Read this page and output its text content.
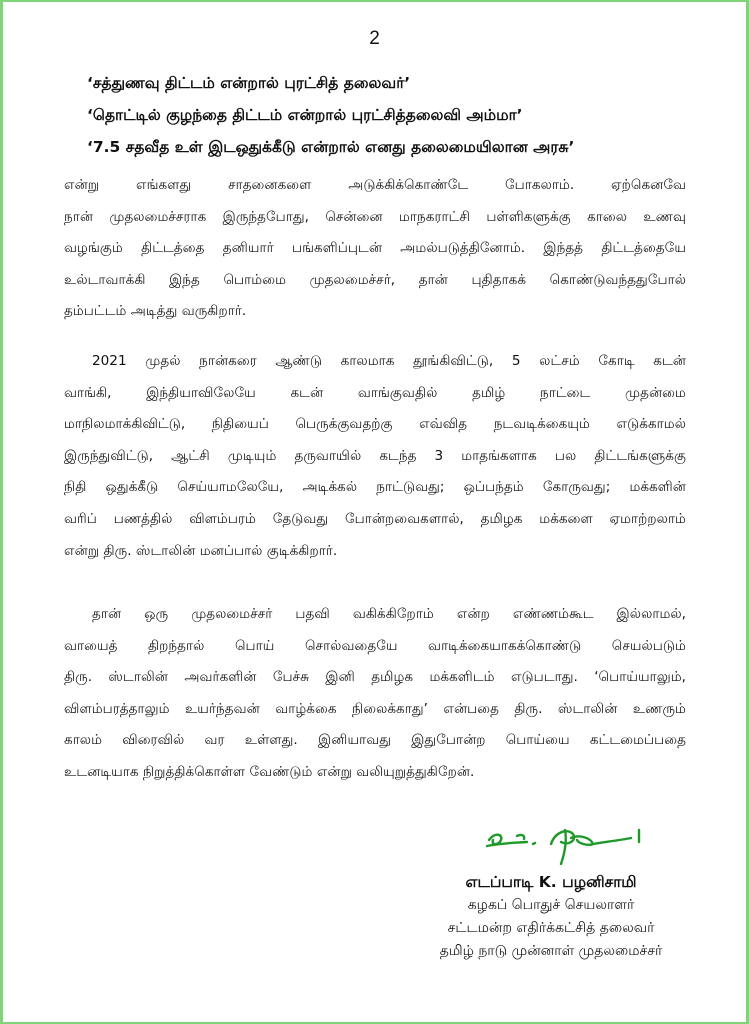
2
‘சத்துணவு திட்டம் என்றால் புரட்சித் தலைவர்’
‘தொட்டில் குழந்தை திட்டம் என்றால் புரட்சித்தலைவி அம்மா’
‘7.5 சதவீத உள் இடஒதுக்கீடு என்றால் எனது தலைமையிலான அரசு’
என்று எங்களது சாதனைகளை அடுக்கிக்கொண்டே போகலாம். ஏற்கெனவே
நான் முதலமைச்சராக இருந்தபோது, சென்னை மாநகராட்சி பள்ளிகளுக்கு காலை உணவு
வழங்கும் திட்டத்தை தனியார் பங்களிப்புடன் அமல்படுத்தினோம். இந்தத் திட்டத்தையே
உல்டாவாக்கி இந்த பொம்மை முதலமைச்சர், தான் புதிதாகக் கொண்டுவந்ததுபோல்
தம்பட்டம் அடித்து வருகிறார்.
2021 முதல் நான்கரை ஆண்டு காலமாக தூங்கிவிட்டு, 5 லட்சம் கோடி கடன்
வாங்கி, இந்தியாவிலேயே கடன் வாங்குவதில் தமிழ் நாட்டை முதன்மை
மாநிலமாக்கிவிட்டு, நிதியைப் பெருக்குவதற்கு எவ்வித நடவடிக்கையும் எடுக்காமல்
இருந்துவிட்டு, ஆட்சி முடியும் தருவாயில் கடந்த 3 மாதங்களாக பல திட்டங்களுக்கு
நிதி ஒதுக்கீடு செய்யாமலேயே, அடிக்கல் நாட்டுவது; ஒப்பந்தம் கோருவது; மக்களின்
வரிப் பணத்தில் விளம்பரம் தேடுவது போன்றவைகளால், தமிழக மக்களை ஏமாற்றலாம்
என்று திரு. ஸ்டாலின் மனப்பால் குடிக்கிறார்.
தான் ஒரு முதலமைச்சர் பதவி வகிக்கிறோம் என்ற எண்ணம்கூட இல்லாமல்,
வாயைத் திறந்தால் பொய் சொல்வதையே வாடிக்கையாகக்கொண்டு செயல்படும்
திரு. ஸ்டாலின் அவர்களின் பேச்சு இனி தமிழக மக்களிடம் எடுபடாது. ‘பொய்யாலும்,
விளம்பரத்தாலும் உயர்ந்தவன் வாழ்க்கை நிலைக்காது’ என்பதை திரு. ஸ்டாலின் உணரும்
காலம் விரைவில் வர உள்ளது. இனியாவது இதுபோன்ற பொய்யை கட்டமைப்பதை
உடனடியாக நிறுத்திக்கொள்ள வேண்டும் என்று வலியுறுத்துகிறேன்.
எடப்பாடி K. பழனிசாமி
கழகப் பொதுச் செயலாளர்
சட்டமன்ற எதிர்க்கட்சித் தலைவர்
தமிழ் நாடு முன்னாள் முதலமைச்சர்
